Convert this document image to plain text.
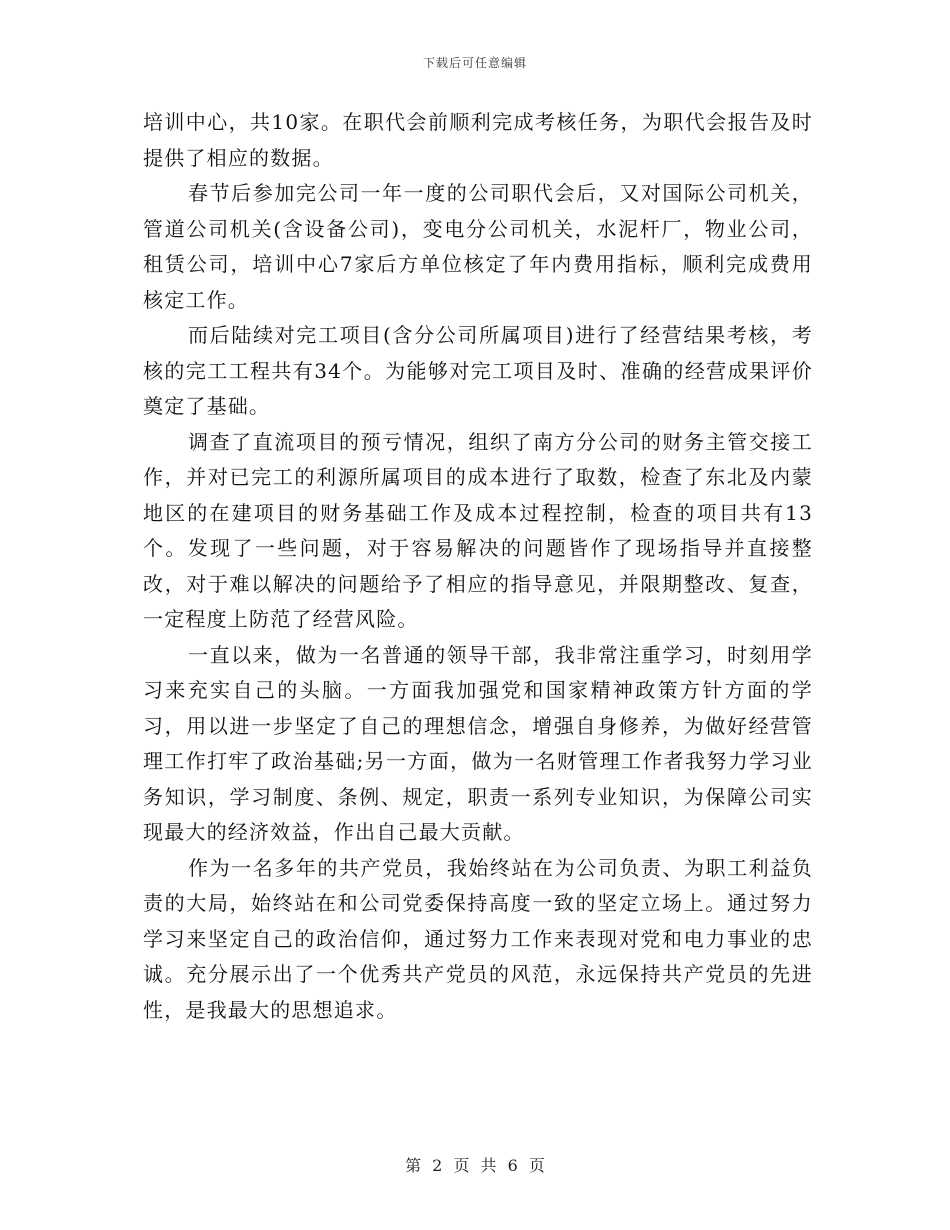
下载后可任意编辑

培训中心，共10家。在职代会前顺利完成考核任务，为职代会报告及时提供了相应的数据。

春节后参加完公司一年一度的公司职代会后，又对国际公司机关，管道公司机关(含设备公司)，变电分公司机关，水泥杆厂，物业公司，租赁公司，培训中心7家后方单位核定了年内费用指标，顺利完成费用核定工作。

而后陆续对完工项目(含分公司所属项目)进行了经营结果考核，考核的完工工程共有34个。为能够对完工项目及时、准确的经营成果评价奠定了基础。

调查了直流项目的预亏情况，组织了南方分公司的财务主管交接工作，并对已完工的利源所属项目的成本进行了取数，检查了东北及内蒙地区的在建项目的财务基础工作及成本过程控制，检查的项目共有13个。发现了一些问题，对于容易解决的问题皆作了现场指导并直接整改，对于难以解决的问题给予了相应的指导意见，并限期整改、复查，一定程度上防范了经营风险。

一直以来，做为一名普通的领导干部，我非常注重学习，时刻用学习来充实自己的头脑。一方面我加强党和国家精神政策方针方面的学习，用以进一步坚定了自己的理想信念，增强自身修养，为做好经营管理工作打牢了政治基础;另一方面，做为一名财管理工作者我努力学习业务知识，学习制度、条例、规定，职责一系列专业知识，为保障公司实现最大的经济效益，作出自己最大贡献。

作为一名多年的共产党员，我始终站在为公司负责、为职工利益负责的大局，始终站在和公司党委保持高度一致的坚定立场上。通过努力学习来坚定自己的政治信仰，通过努力工作来表现对党和电力事业的忠诚。充分展示出了一个优秀共产党员的风范，永远保持共产党员的先进性，是我最大的思想追求。

第 2 页 共 6 页
